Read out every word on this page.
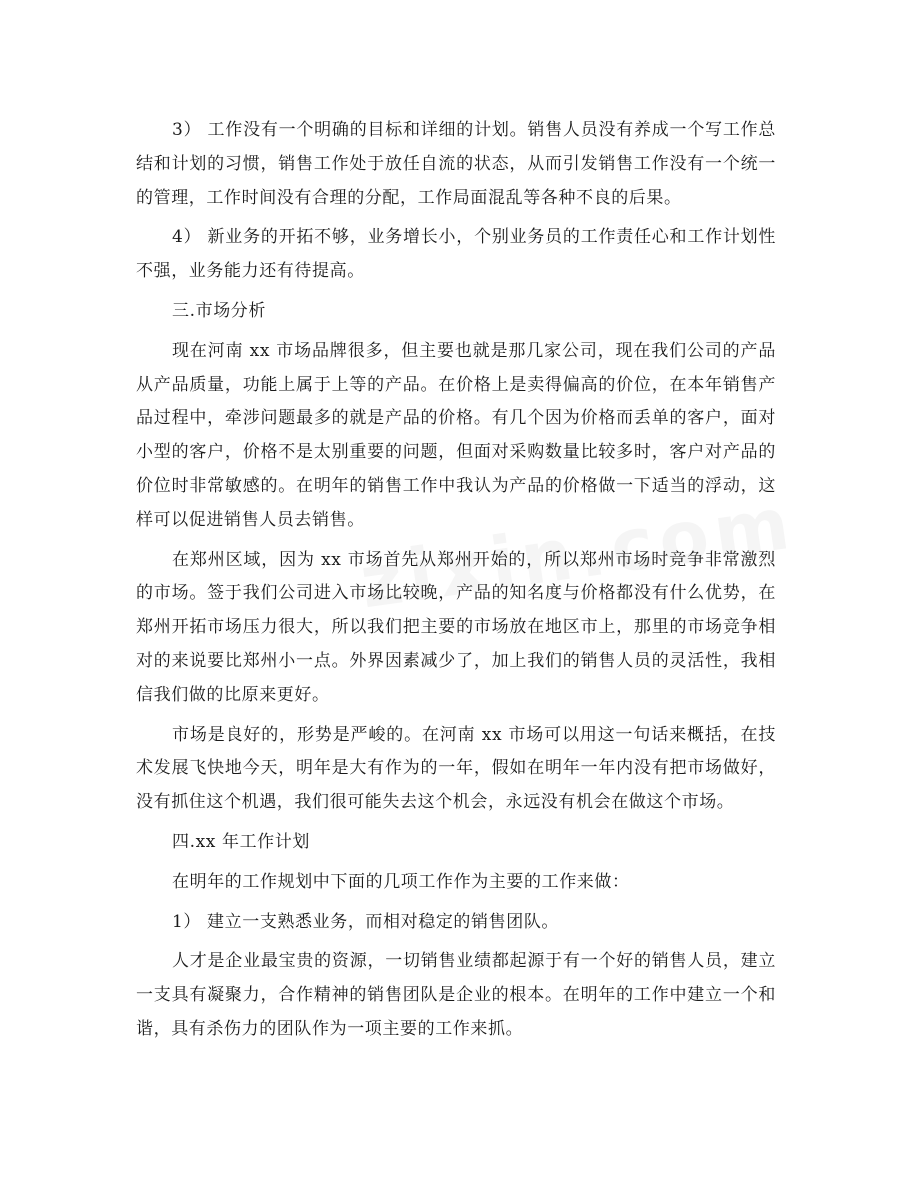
3） 工作没有一个明确的目标和详细的计划。销售人员没有养成一个写工作总结和计划的习惯，销售工作处于放任自流的状态，从而引发销售工作没有一个统一的管理，工作时间没有合理的分配，工作局面混乱等各种不良的后果。

4） 新业务的开拓不够，业务增长小，个别业务员的工作责任心和工作计划性不强，业务能力还有待提高。

三.市场分析

现在河南 xx 市场品牌很多，但主要也就是那几家公司，现在我们公司的产品从产品质量，功能上属于上等的产品。在价格上是卖得偏高的价位，在本年销售产品过程中，牵涉问题最多的就是产品的价格。有几个因为价格而丢单的客户，面对小型的客户，价格不是太别重要的问题，但面对采购数量比较多时，客户对产品的价位时非常敏感的。在明年的销售工作中我认为产品的价格做一下适当的浮动，这样可以促进销售人员去销售。

在郑州区域，因为 xx 市场首先从郑州开始的，所以郑州市场时竞争非常激烈的市场。签于我们公司进入市场比较晚，产品的知名度与价格都没有什么优势，在郑州开拓市场压力很大，所以我们把主要的市场放在地区市上，那里的市场竞争相对的来说要比郑州小一点。外界因素减少了，加上我们的销售人员的灵活性，我相信我们做的比原来更好。

市场是良好的，形势是严峻的。在河南 xx 市场可以用这一句话来概括，在技术发展飞快地今天，明年是大有作为的一年，假如在明年一年内没有把市场做好，没有抓住这个机遇，我们很可能失去这个机会，永远没有机会在做这个市场。

四.xx 年工作计划

在明年的工作规划中下面的几项工作作为主要的工作来做：

1） 建立一支熟悉业务，而相对稳定的销售团队。

人才是企业最宝贵的资源，一切销售业绩都起源于有一个好的销售人员，建立一支具有凝聚力，合作精神的销售团队是企业的根本。在明年的工作中建立一个和谐，具有杀伤力的团队作为一项主要的工作来抓。
